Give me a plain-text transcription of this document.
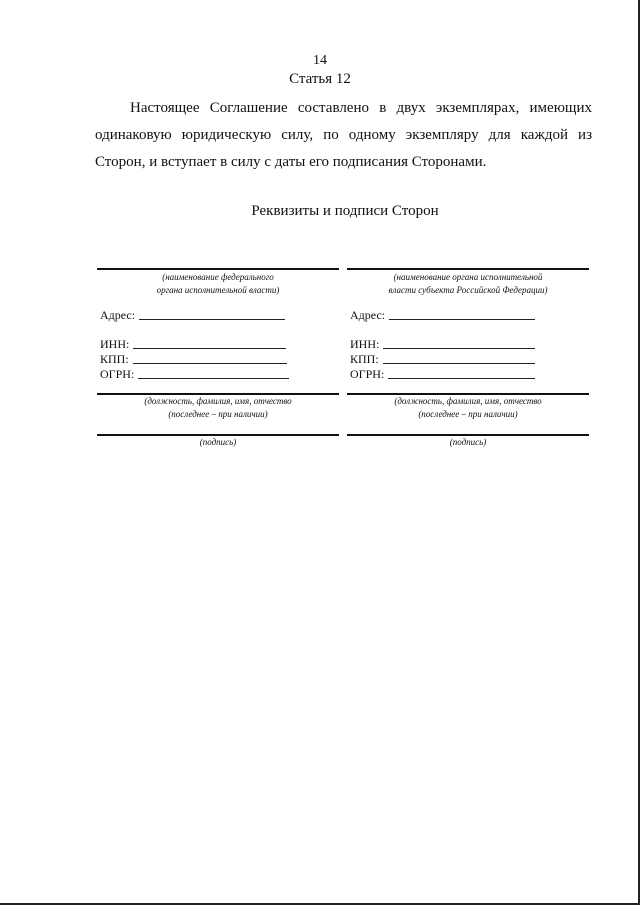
14
Статья 12

Настоящее Соглашение составлено в двух экземплярах, имеющих одинаковую юридическую силу, по одному экземпляру для каждой из Сторон, и вступает в силу с даты его подписания Сторонами.

Реквизиты и подписи Сторон

(наименование федерального

органа исполнительной власти)

Адрес:
ИНН:
КПП:
ОГРН:

(должность, фамилия, имя, отчество

(последнее – при наличии)

(подпись)

(наименование органа исполнительной

власти субъекта Российской Федерации)

Адрес:
ИНН:
КПП:
ОГРН:

(должность, фамилия, имя, отчество

(последнее – при наличии)

(подпись)
